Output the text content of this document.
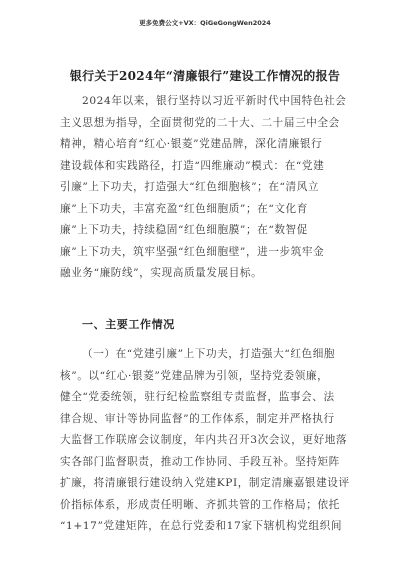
更多免费公文+VX：QiGeGongWen2024
银行关于2024年“清廉银行”建设工作情况的报告
2024年以来，银行坚持以习近平新时代中国特色社会
主义思想为指导，全面贯彻党的二十大、二十届三中全会
精神，精心培育“红心·银菱”党建品牌，深化清廉银行
建设载体和实践路径，打造“四维廉动”模式：在“党建
引廉”上下功夫，打造强大“红色细胞核”；在“清风立
廉”上下功夫，丰富充盈“红色细胞质”；在“文化育
廉”上下功夫，持续稳固“红色细胞膜”；在“数智促
廉”上下功夫，筑牢坚强“红色细胞壁”，进一步筑牢金
融业务“廉防线”，实现高质量发展目标。
一、主要工作情况
（一）在“党建引廉”上下功夫，打造强大“红色细胞
核”。以“红心·银菱”党建品牌为引领，坚持党委领廉，
健全“党委统领，驻行纪检监察组专责监督，监事会、法
律合规、审计等协同监督”的工作体系，制定并严格执行
大监督工作联席会议制度，年内共召开3次会议，更好地落
实各部门监督职责，推动工作协同、手段互补。坚持矩阵
扩廉，将清廉银行建设纳入党建KPI，制定清廉嘉银建设评
价指标体系，形成责任明晰、齐抓共管的工作格局；依托
“1+17”党建矩阵，在总行党委和17家下辖机构党组织间
